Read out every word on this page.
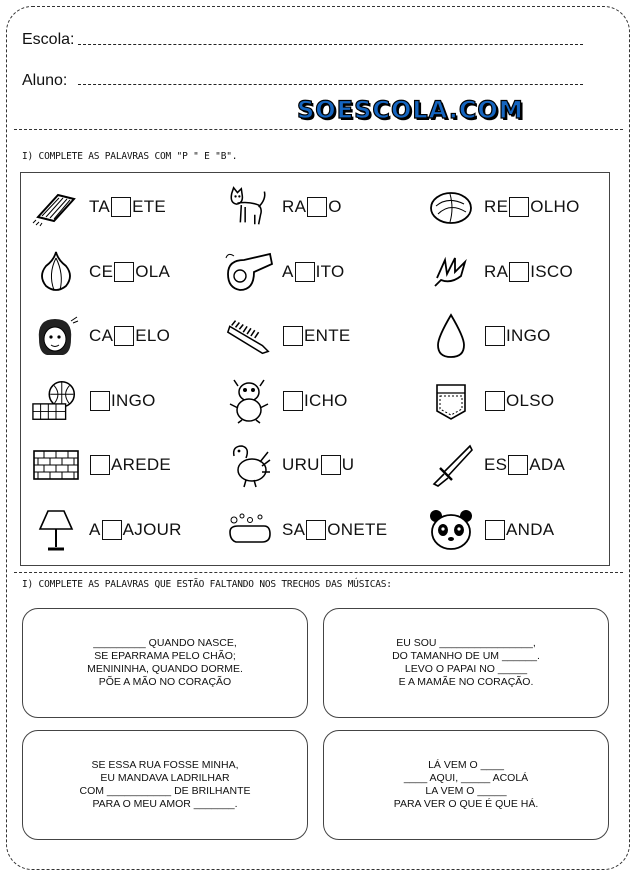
Escola:
Aluno:
SOESCOLA.COM
I) COMPLETE AS PALAVRAS COM "P " E "B".
TA ETE	RA O	RE OLHO
CE OLA	A ITO	RA ISCO
CA ELO	ENTE	INGO
INGO	ICHO	OLSO
AREDE	URU U	ES ADA
A AJOUR	SA ONETE	ANDA
I) COMPLETE AS PALAVRAS QUE ESTÃO FALTANDO NOS TRECHOS DAS MÚSICAS:
_________ QUANDO NASCE,
SE EPARRAMA PELO CHÃO;
MENININHA, QUANDO DORME.
PÕE A MÃO NO CORAÇÃO
EU SOU ________________,
DO TAMANHO DE UM ______.
LEVO O PAPAI NO _____
E A MAMÃE NO CORAÇÃO.
SE ESSA RUA FOSSE MINHA,
EU MANDAVA LADRILHAR
COM ___________ DE BRILHANTE
PARA O MEU AMOR _______.
LÁ VEM O ____
____ AQUI, _____ ACOLÁ
LA VEM O _____
PARA VER O QUE É QUE HÁ.
